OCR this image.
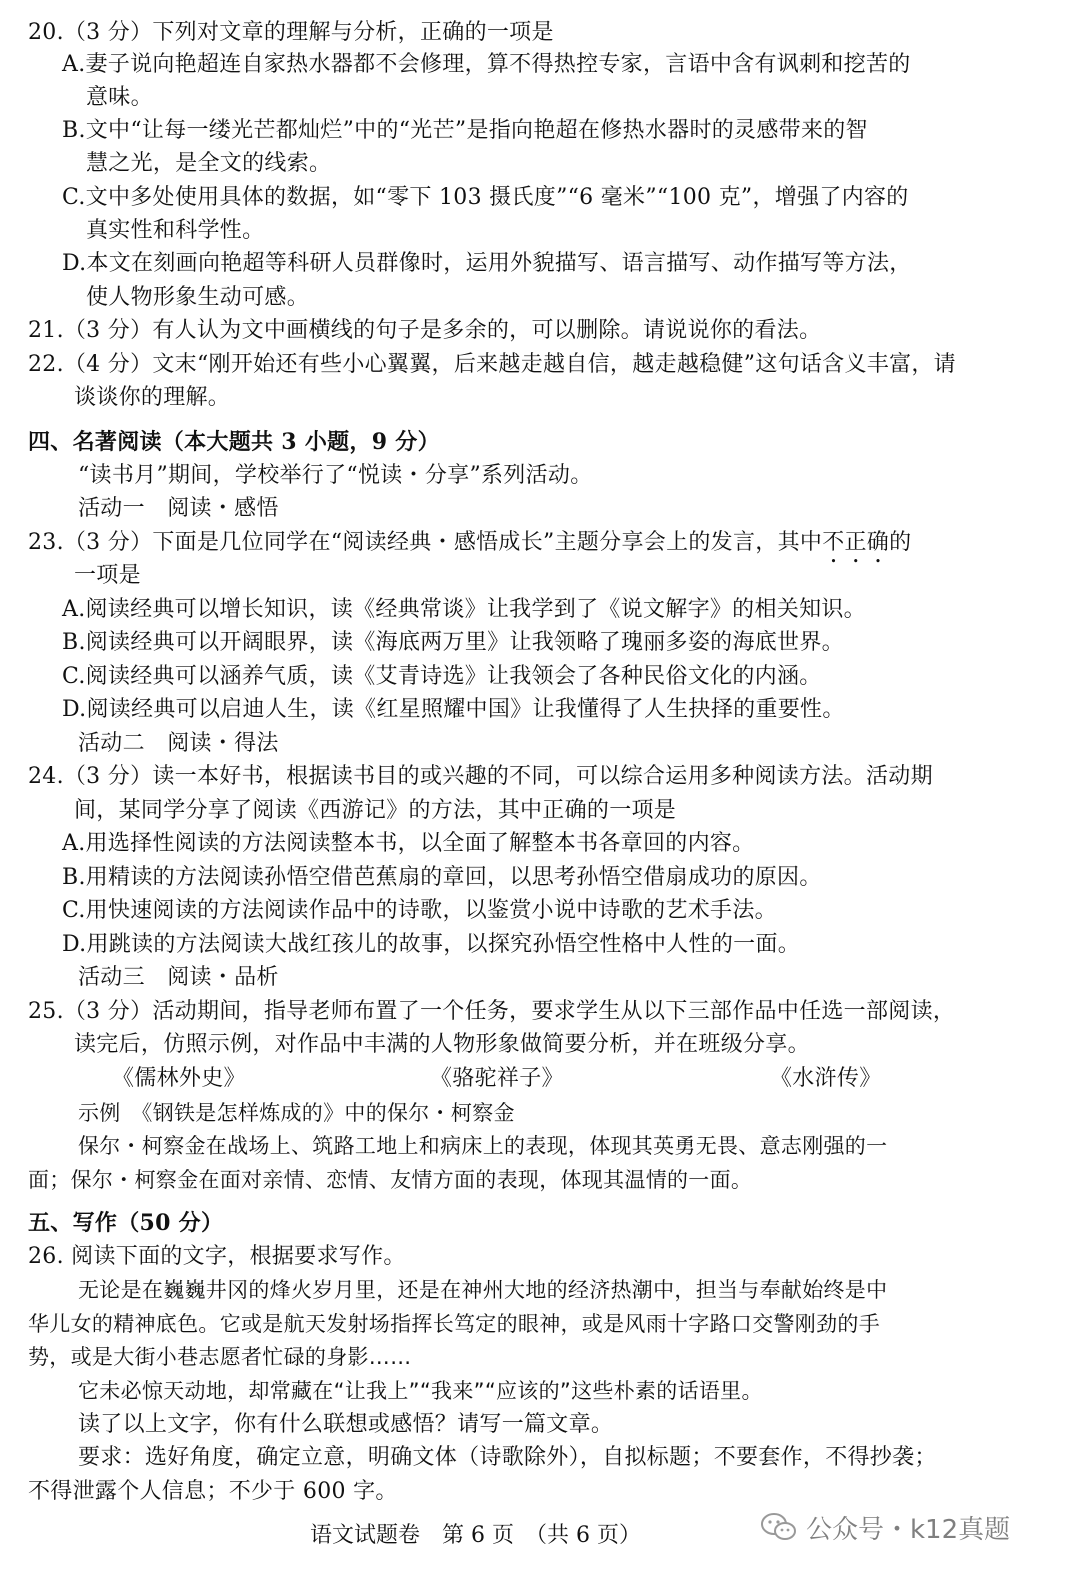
20.（3 分）下列对文章的理解与分析，正确的一项是
A.妻子说向艳超连自家热水器都不会修理，算不得热控专家，言语中含有讽刺和挖苦的
意味。
B.文中“让每一缕光芒都灿烂”中的“光芒”是指向艳超在修热水器时的灵感带来的智
慧之光，是全文的线索。
C.文中多处使用具体的数据，如“零下 103 摄氏度”“6 毫米”“100 克”，增强了内容的
真实性和科学性。
D.本文在刻画向艳超等科研人员群像时，运用外貌描写、语言描写、动作描写等方法，
使人物形象生动可感。
21.（3 分）有人认为文中画横线的句子是多余的，可以删除。请说说你的看法。
22.（4 分）文末“刚开始还有些小心翼翼，后来越走越自信，越走越稳健”这句话含义丰富，请
谈谈你的理解。
四、名著阅读（本大题共 3 小题，9 分）
“读书月”期间，学校举行了“悦读・分享”系列活动。
活动一　阅读・感悟
23.（3 分）下面是几位同学在“阅读经典・感悟成长”主题分享会上的发言，其中不正确的
一项是
A.阅读经典可以增长知识，读《经典常谈》让我学到了《说文解字》的相关知识。
B.阅读经典可以开阔眼界，读《海底两万里》让我领略了瑰丽多姿的海底世界。
C.阅读经典可以涵养气质，读《艾青诗选》让我领会了各种民俗文化的内涵。
D.阅读经典可以启迪人生，读《红星照耀中国》让我懂得了人生抉择的重要性。
活动二　阅读・得法
24.（3 分）读一本好书，根据读书目的或兴趣的不同，可以综合运用多种阅读方法。活动期
间，某同学分享了阅读《西游记》的方法，其中正确的一项是
A.用选择性阅读的方法阅读整本书，以全面了解整本书各章回的内容。
B.用精读的方法阅读孙悟空借芭蕉扇的章回，以思考孙悟空借扇成功的原因。
C.用快速阅读的方法阅读作品中的诗歌，以鉴赏小说中诗歌的艺术手法。
D.用跳读的方法阅读大战红孩儿的故事，以探究孙悟空性格中人性的一面。
活动三　阅读・品析
25.（3 分）活动期间，指导老师布置了一个任务，要求学生从以下三部作品中任选一部阅读，
读完后，仿照示例，对作品中丰满的人物形象做简要分析，并在班级分享。
《儒林外史》	《骆驼祥子》	《水浒传》
示例　《钢铁是怎样炼成的》中的保尔・柯察金
保尔・柯察金在战场上、筑路工地上和病床上的表现，体现其英勇无畏、意志刚强的一
面；保尔・柯察金在面对亲情、恋情、友情方面的表现，体现其温情的一面。
五、写作（50 分）
26. 阅读下面的文字，根据要求写作。
无论是在巍巍井冈的烽火岁月里，还是在神州大地的经济热潮中，担当与奉献始终是中
华儿女的精神底色。它或是航天发射场指挥长笃定的眼神，或是风雨十字路口交警刚劲的手
势，或是大街小巷志愿者忙碌的身影……
它未必惊天动地，却常藏在“让我上”“我来”“应该的”这些朴素的话语里。
读了以上文字，你有什么联想或感悟？请写一篇文章。
要求：选好角度，确定立意，明确文体（诗歌除外），自拟标题；不要套作，不得抄袭；
不得泄露个人信息；不少于 600 字。
语文试题卷　第 6 页　（共 6 页）	公众号・k12真题
